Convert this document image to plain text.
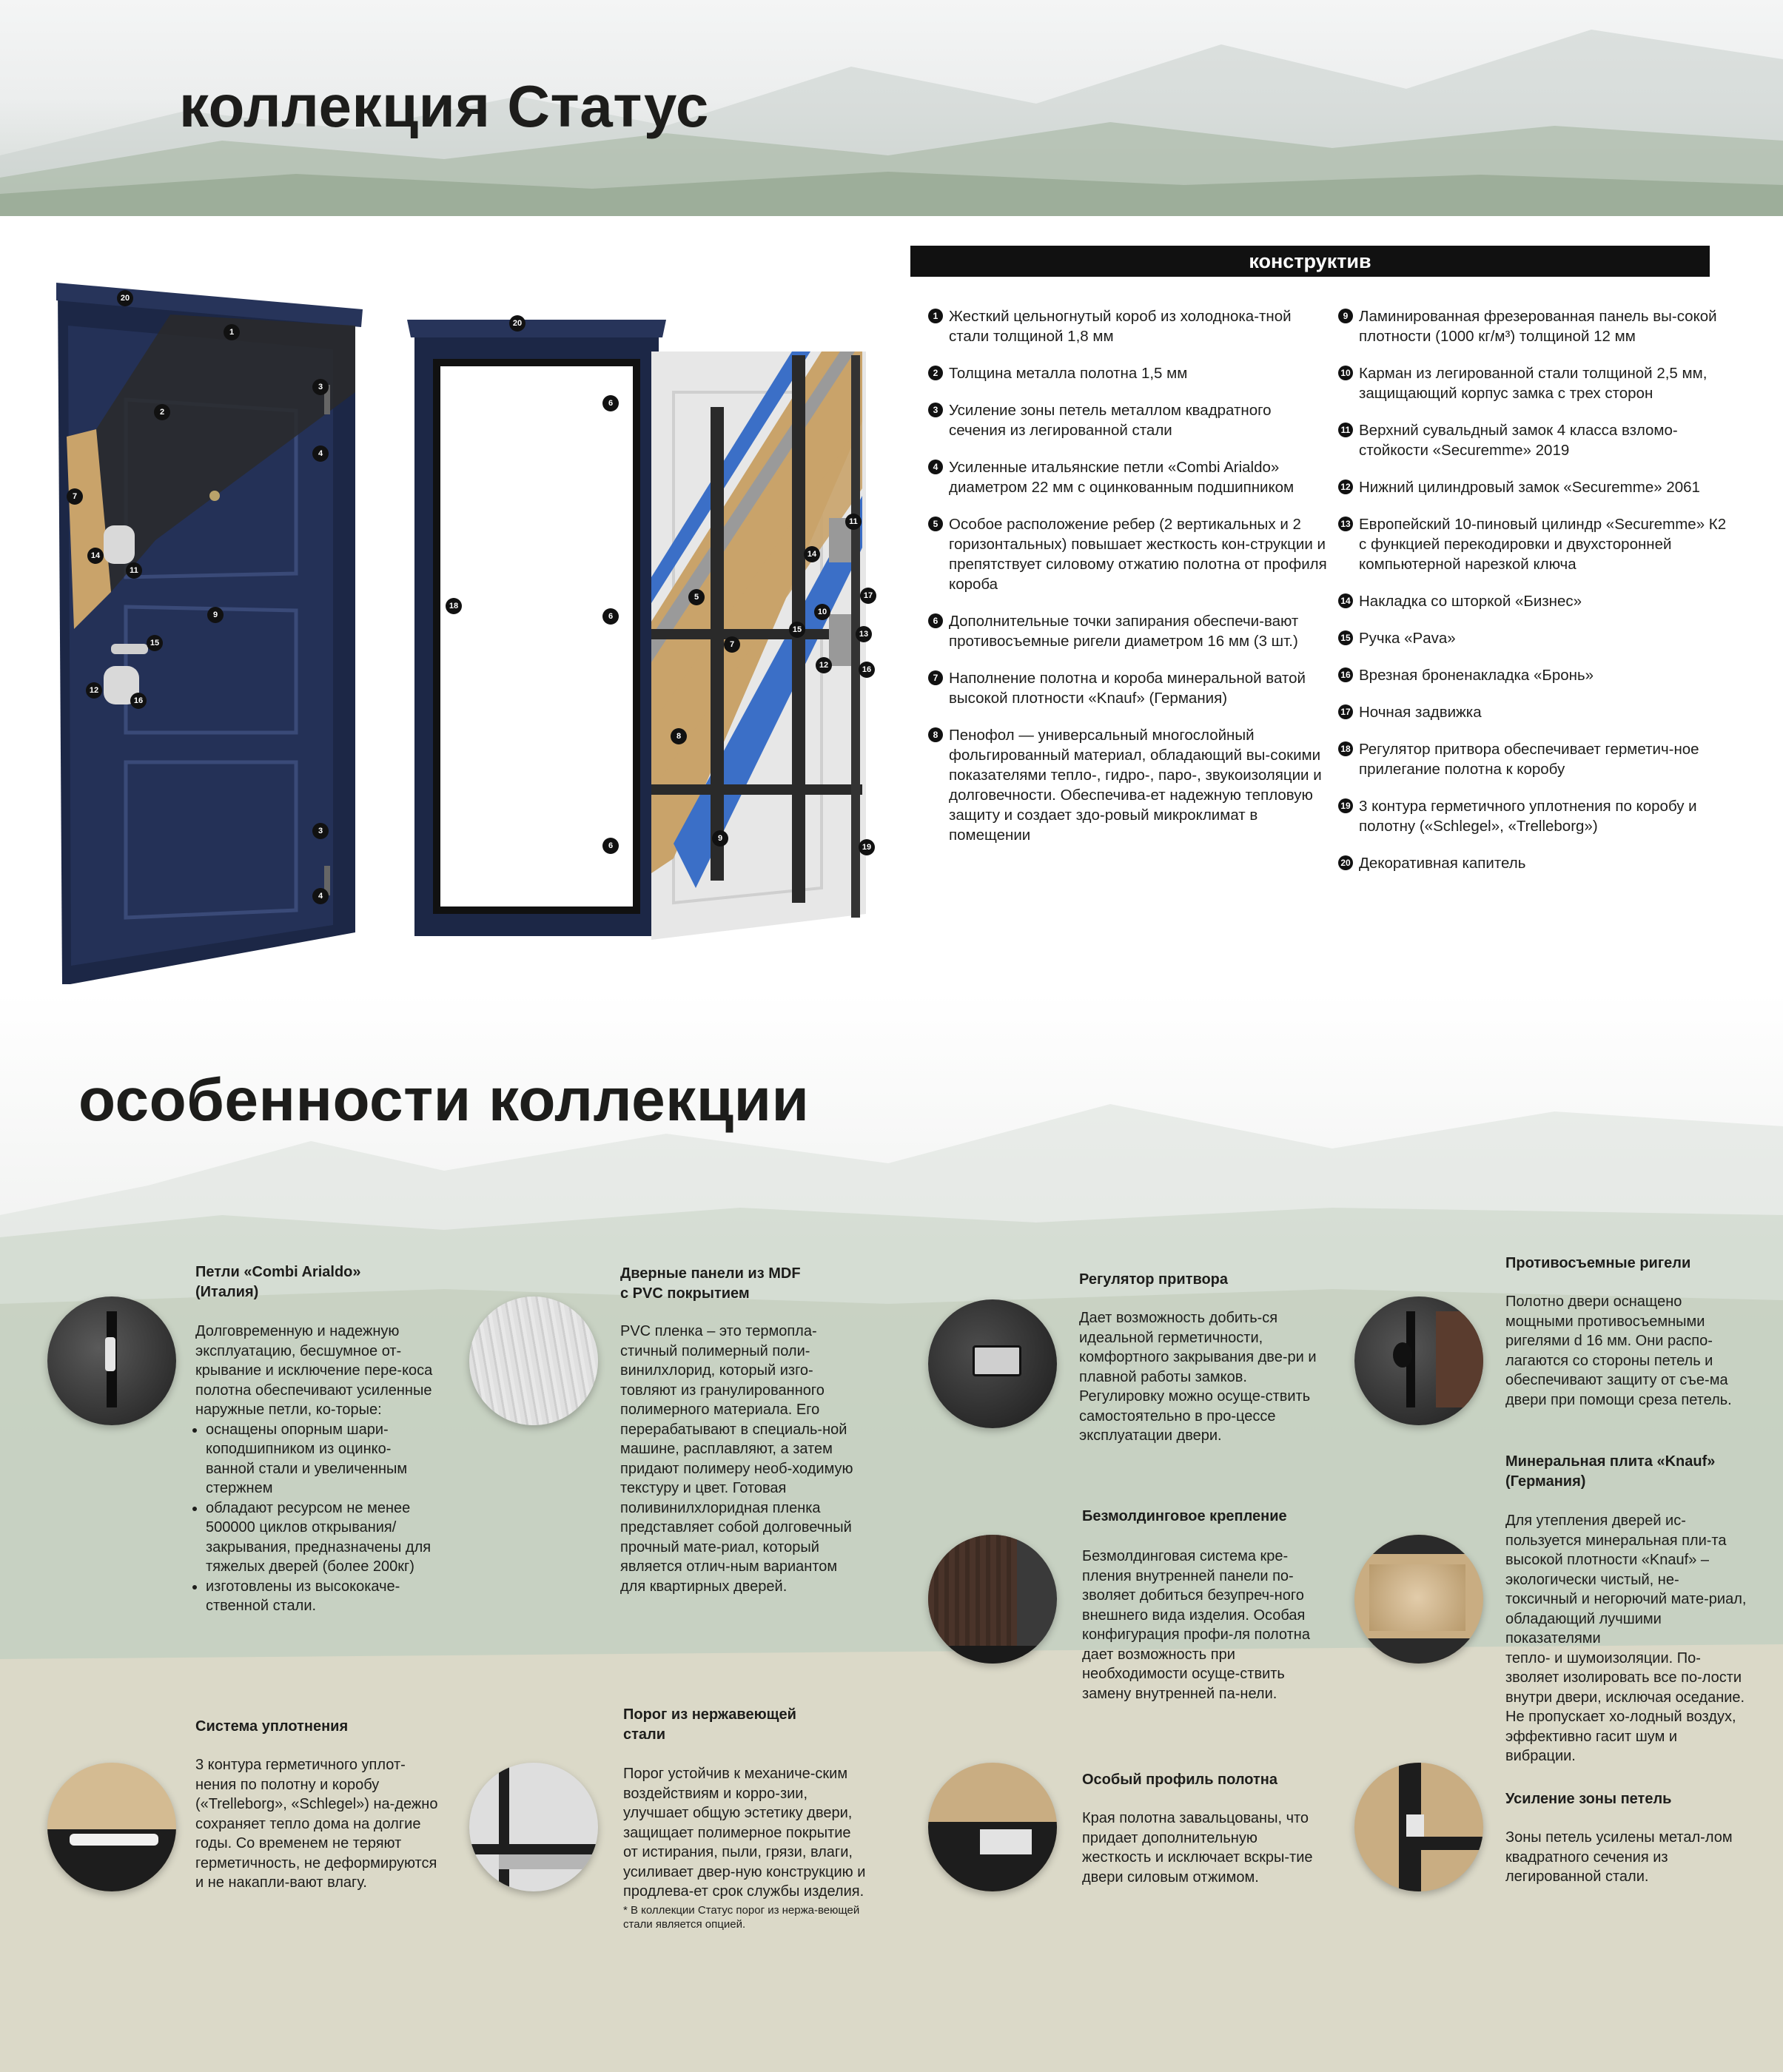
коллекция Статус
20
1
2
3
4
7
14
11
9
15
12
16
3
4
20
6
18
6
6
5
7
8
9
11
14
17
10
15	13
12	16
19
конструктив
1 Жесткий цельногнутый короб из холоднока-тной стали толщиной 1,8 мм
2 Толщина металла полотна 1,5 мм
3 Усиление зоны петель металлом квадратного сечения из легированной стали
4 Усиленные итальянские петли «Combi Arialdo» диаметром 22 мм с оцинкованным подшипником
5 Особое расположение ребер (2 вертикальных и 2 горизонтальных) повышает жесткость кон-струкции и препятствует силовому отжатию полотна от профиля короба
6 Дополнительные точки запирания обеспечи-вают противосъемные ригели диаметром 16 мм (3 шт.)
7 Наполнение полотна и короба минеральной ватой высокой плотности «Knauf» (Германия)
8 Пенофол — универсальный многослойный фольгированный материал, обладающий вы-сокими показателями тепло-, гидро-, паро-, звукоизоляции и долговечности. Обеспечива-ет надежную тепловую защиту и создает здо-ровый микроклимат в помещении
9 Ламинированная фрезерованная панель вы-сокой плотности (1000 кг/м³) толщиной 12 мм
10 Карман из легированной стали толщиной 2,5 мм, защищающий корпус замка с трех сторон
11 Верхний сувальдный замок 4 класса взломо-стойкости «Securemme» 2019
12 Нижний цилиндровый замок «Securemme» 2061
13 Европейский 10-пиновый цилиндр «Securemme» К2 с функцией перекодировки и двухсторонней компьютерной нарезкой ключа
14 Накладка со шторкой «Бизнес»
15 Ручка «Pava»
16 Врезная броненакладка «Бронь»
17 Ночная задвижка
18 Регулятор притвора обеспечивает герметич-ное прилегание полотна к коробу
19 3 контура герметичного уплотнения по коробу и полотну («Schlegel», «Trelleborg»)
20 Декоративная капитель
особенности коллекции
Петли «Combi Arialdo»
(Италия)
Долговременную и надежную эксплуатацию, бесшумное от-крывание и исключение пере-коса полотна обеспечивают усиленные наружные петли, ко-торые:
• оснащены опорным шари-коподшипником из оцинко-ванной стали и увеличенным стержнем
• обладают ресурсом не менее 500000 циклов открывания/ закрывания, предназначены для тяжелых дверей (более 200кг)
• изготовлены из высококаче-ственной стали.
Дверные панели из MDF
с PVC покрытием
PVC пленка – это термопла-стичный полимерный поли-винилхлорид, который изго-товляют из гранулированного полимерного материала. Его перерабатывают в специаль-ной машине, расплавляют, а затем придают полимеру необ-ходимую текстуру и цвет. Готовая поливинилхлоридная пленка представляет собой долговечный прочный мате-риал, который является отлич-ным вариантом для квартирных дверей.
Регулятор притвора
Дает возможность добить-ся идеальной герметичности, комфортного закрывания две-ри и плавной работы замков. Регулировку можно осуще-ствить самостоятельно в про-цессе эксплуатации двери.
Противосъемные ригели
Полотно двери оснащено мощными противосъемными ригелями d 16 мм. Они распо-лагаются со стороны петель и обеспечивают защиту от съе-ма двери при помощи среза петель.
Безмолдинговое крепление
Безмолдинговая система кре-пления внутренней панели по-зволяет добиться безупреч-ного внешнего вида изделия. Особая конфигурация профи-ля полотна дает возможность при необходимости осуще-ствить замену внутренней па-нели.
Минеральная плита «Knauf»
(Германия)
Для утепления дверей ис-пользуется минеральная пли-та высокой плотности «Knauf» – экологически чистый, не-токсичный и негорючий мате-риал, обладающий лучшими показателями
тепло- и шумоизоляции. По-зволяет изолировать все по-лости внутри двери, исключая оседание. Не пропускает хо-лодный воздух, эффективно гасит шум и вибрации.
Система уплотнения
3 контура герметичного уплот-нения по полотну и коробу («Trelleborg», «Schlegel») на-дежно сохраняет тепло дома на долгие годы. Со временем не теряют герметичность, не деформируются и не накапли-вают влагу.
Порог из нержавеющей
стали
Порог устойчив к механиче-ским воздействиям и корро-зии, улучшает общую эстетику двери, защищает полимерное покрытие от истирания, пыли, грязи, влаги, усиливает двер-ную конструкцию и продлева-ет срок службы изделия.
* В коллекции Статус порог из нержа-веющей стали является опцией.
Особый профиль полотна
Края полотна завальцованы, что придает дополнительную жесткость и исключает вскры-тие двери силовым отжимом.
Усиление зоны петель
Зоны петель усилены метал-лом квадратного сечения из легированной стали.
